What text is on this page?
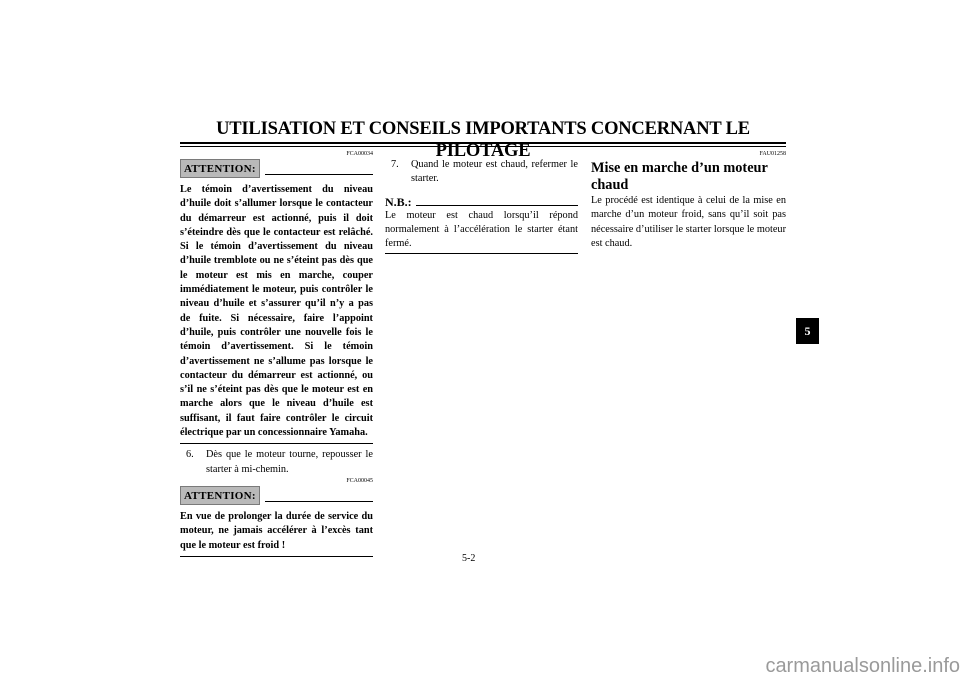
UTILISATION ET CONSEILS IMPORTANTS CONCERNANT LE PILOTAGE
FCA00034
ATTENTION:

Le témoin d’avertissement du niveau d’huile doit s’allumer lorsque le contacteur du démarreur est actionné, puis il doit s’éteindre dès que le contacteur est relâché. Si le témoin d’avertissement du niveau d’huile tremblote ou ne s’éteint pas dès que le moteur est mis en marche, couper immédiatement le moteur, puis contrôler le niveau d’huile et s’assurer qu’il n’y a pas de fuite. Si nécessaire, faire l’appoint d’huile, puis contrôler une nouvelle fois le témoin d’avertissement. Si le témoin d’avertissement ne s’allume pas lorsque le contacteur du démarreur est actionné, ou s’il ne s’éteint pas dès que le moteur est en marche alors que le niveau d’huile est suffisant, il faut faire contrôler le circuit électrique par un concessionnaire Yamaha.

6.	Dès que le moteur tourne, repousser le starter à mi-chemin.
FCA00045
ATTENTION:

En vue de prolonger la durée de service du moteur, ne jamais accélérer à l’excès tant que le moteur est froid !

7.	Quand le moteur est chaud, refermer le starter.
N.B.:

Le moteur est chaud lorsqu’il répond normalement à l’accélération le starter étant fermé.

FAU01258
Mise en marche d’un moteur chaud

Le procédé est identique à celui de la mise en marche d’un moteur froid, sans qu’il soit pas nécessaire d’utiliser le starter lorsque le moteur est chaud.

5
5-2
carmanualsonline.info
